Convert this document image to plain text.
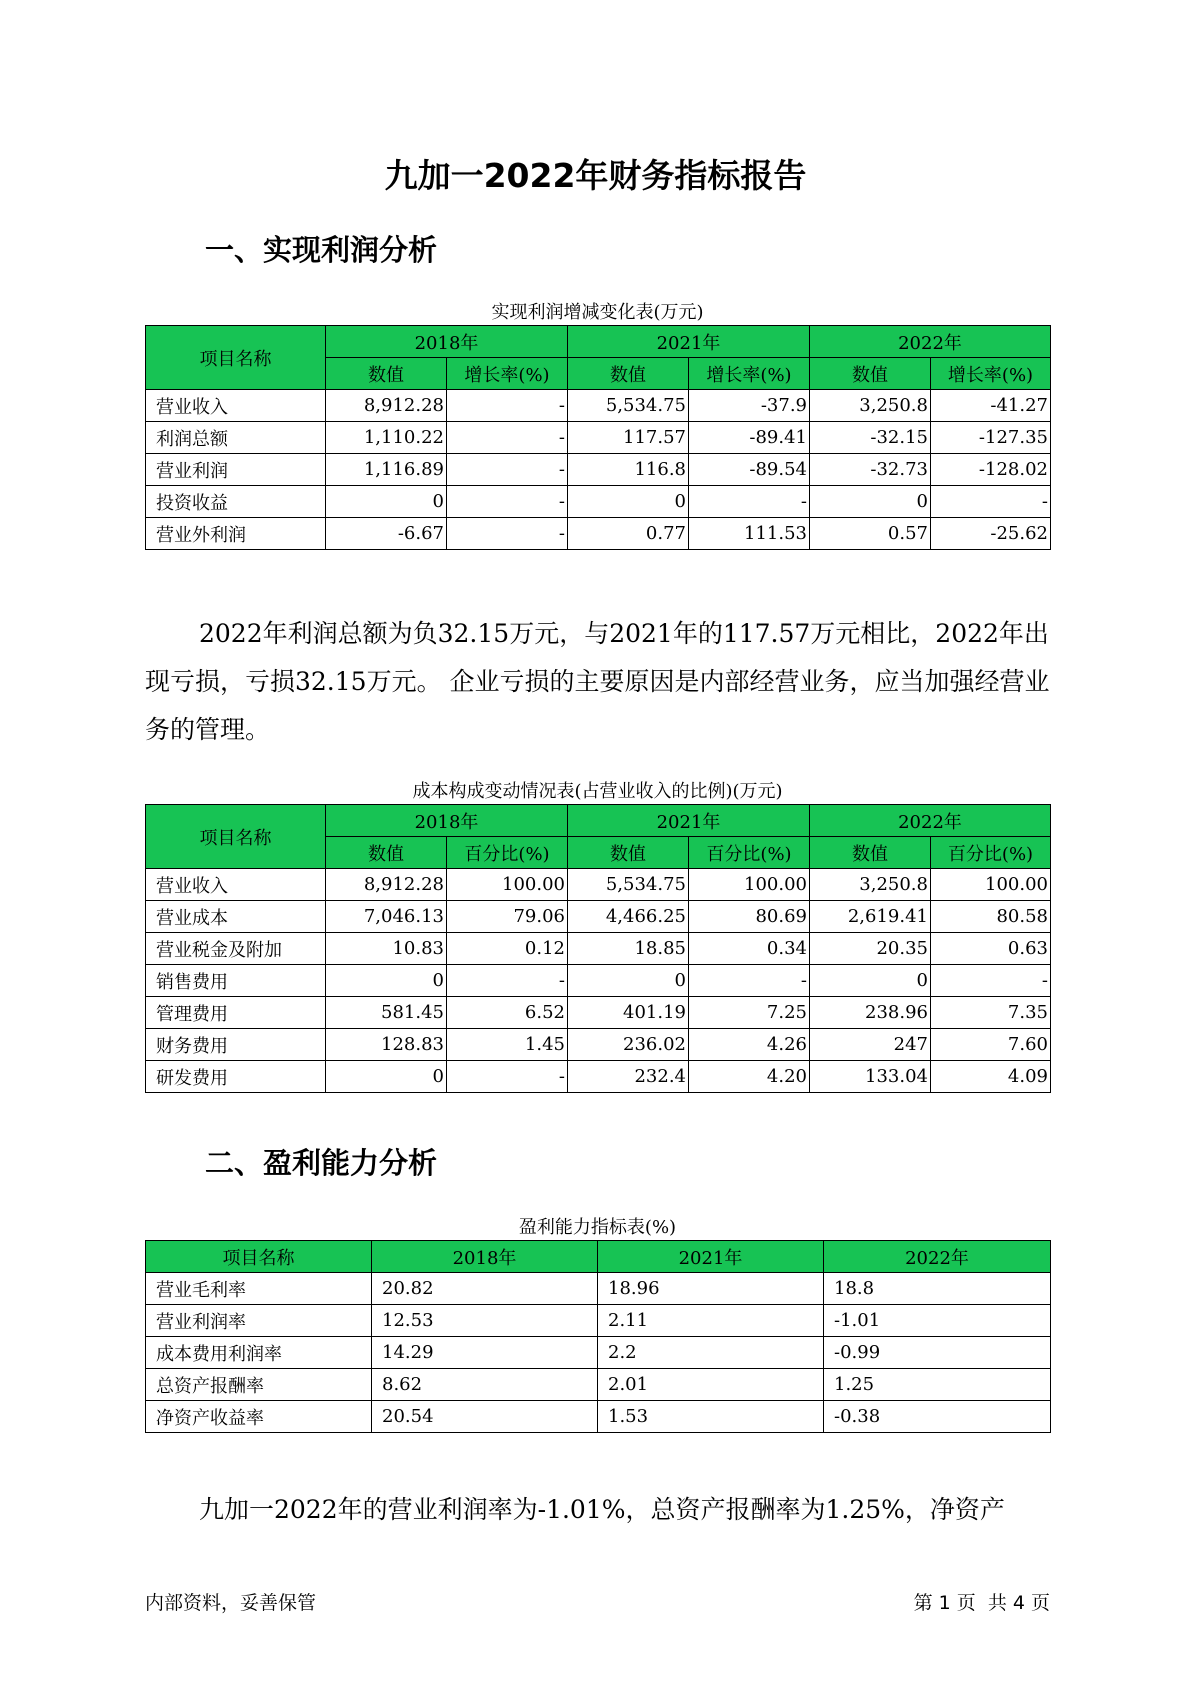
九加一2022年财务指标报告
一、实现利润分析
实现利润增减变化表(万元)
项目名称	2018年		2021年		2022年	
	数值	增长率(%)	数值	增长率(%)	数值	增长率(%)
营业收入	8,912.28	-	5,534.75	-37.9	3,250.8	-41.27
利润总额	1,110.22	-	117.57	-89.41	-32.15	-127.35
营业利润	1,116.89	-	116.8	-89.54	-32.73	-128.02
投资收益	0	-	0	-	0	-
营业外利润	-6.67	-	0.77	111.53	0.57	-25.62
2022年利润总额为负32.15万元，与2021年的117.57万元相比，2022年出现亏损，亏损32.15万元。 企业亏损的主要原因是内部经营业务，应当加强经营业务的管理。
成本构成变动情况表(占营业收入的比例)(万元)
项目名称	2018年		2021年		2022年	
	数值	百分比(%)	数值	百分比(%)	数值	百分比(%)
营业收入	8,912.28	100.00	5,534.75	100.00	3,250.8	100.00
营业成本	7,046.13	79.06	4,466.25	80.69	2,619.41	80.58
营业税金及附加	10.83	0.12	18.85	0.34	20.35	0.63
销售费用	0	-	0	-	0	-
管理费用	581.45	6.52	401.19	7.25	238.96	7.35
财务费用	128.83	1.45	236.02	4.26	247	7.60
研发费用	0	-	232.4	4.20	133.04	4.09
二、盈利能力分析
盈利能力指标表(%)
项目名称	2018年	2021年	2022年
营业毛利率	20.82	18.96	18.8
营业利润率	12.53	2.11	-1.01
成本费用利润率	14.29	2.2	-0.99
总资产报酬率	8.62	2.01	1.25
净资产收益率	20.54	1.53	-0.38
九加一2022年的营业利润率为-1.01%，总资产报酬率为1.25%，净资产
内部资料，妥善保管	第 1 页  共 4 页
